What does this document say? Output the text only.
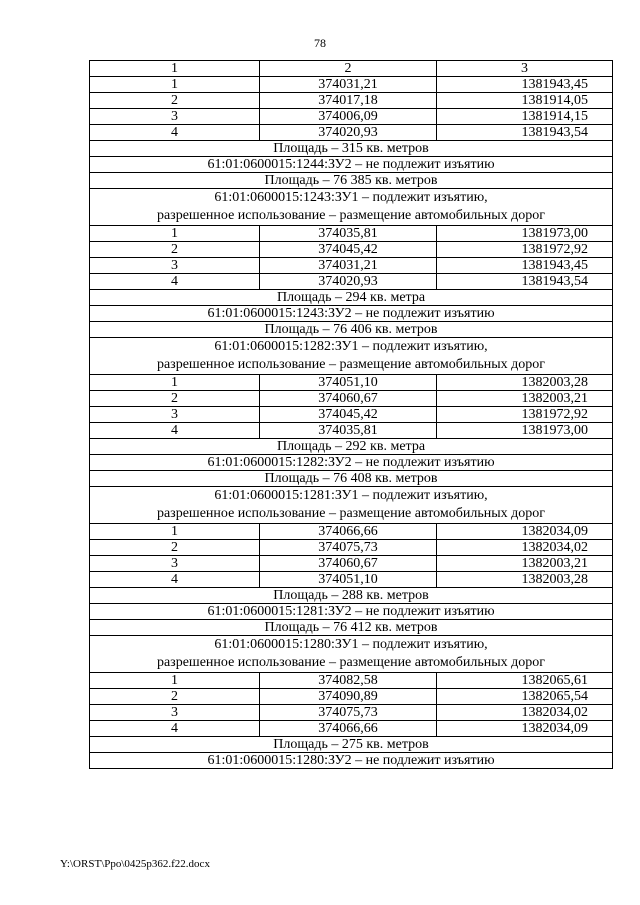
78
1	2	3
1	374031,21	1381943,45
2	374017,18	1381914,05
3	374006,09	1381914,15
4	374020,93	1381943,54
Площадь – 315 кв. метров		
61:01:0600015:1244:ЗУ2 – не подлежит изъятию		
Площадь – 76 385 кв. метров		

61:01:0600015:1243:ЗУ1 – подлежит изъятию,
разрешенное использование – размещение автомобильных дорог		

1	374035,81	1381973,00
2	374045,42	1381972,92
3	374031,21	1381943,45
4	374020,93	1381943,54
Площадь – 294 кв. метра		
61:01:0600015:1243:ЗУ2 – не подлежит изъятию		
Площадь – 76 406 кв. метров		

61:01:0600015:1282:ЗУ1 – подлежит изъятию,
разрешенное использование – размещение автомобильных дорог		

1	374051,10	1382003,28
2	374060,67	1382003,21
3	374045,42	1381972,92
4	374035,81	1381973,00
Площадь – 292 кв. метра		
61:01:0600015:1282:ЗУ2 – не подлежит изъятию		
Площадь – 76 408 кв. метров		

61:01:0600015:1281:ЗУ1 – подлежит изъятию,
разрешенное использование – размещение автомобильных дорог		

1	374066,66	1382034,09
2	374075,73	1382034,02
3	374060,67	1382003,21
4	374051,10	1382003,28
Площадь – 288 кв. метров		
61:01:0600015:1281:ЗУ2 – не подлежит изъятию		
Площадь – 76 412 кв. метров		

61:01:0600015:1280:ЗУ1 – подлежит изъятию,
разрешенное использование – размещение автомобильных дорог		

1	374082,58	1382065,61
2	374090,89	1382065,54
3	374075,73	1382034,02
4	374066,66	1382034,09
Площадь – 275 кв. метров		
61:01:0600015:1280:ЗУ2 – не подлежит изъятию		
Y:\ORST\Ppo\0425p362.f22.docx
